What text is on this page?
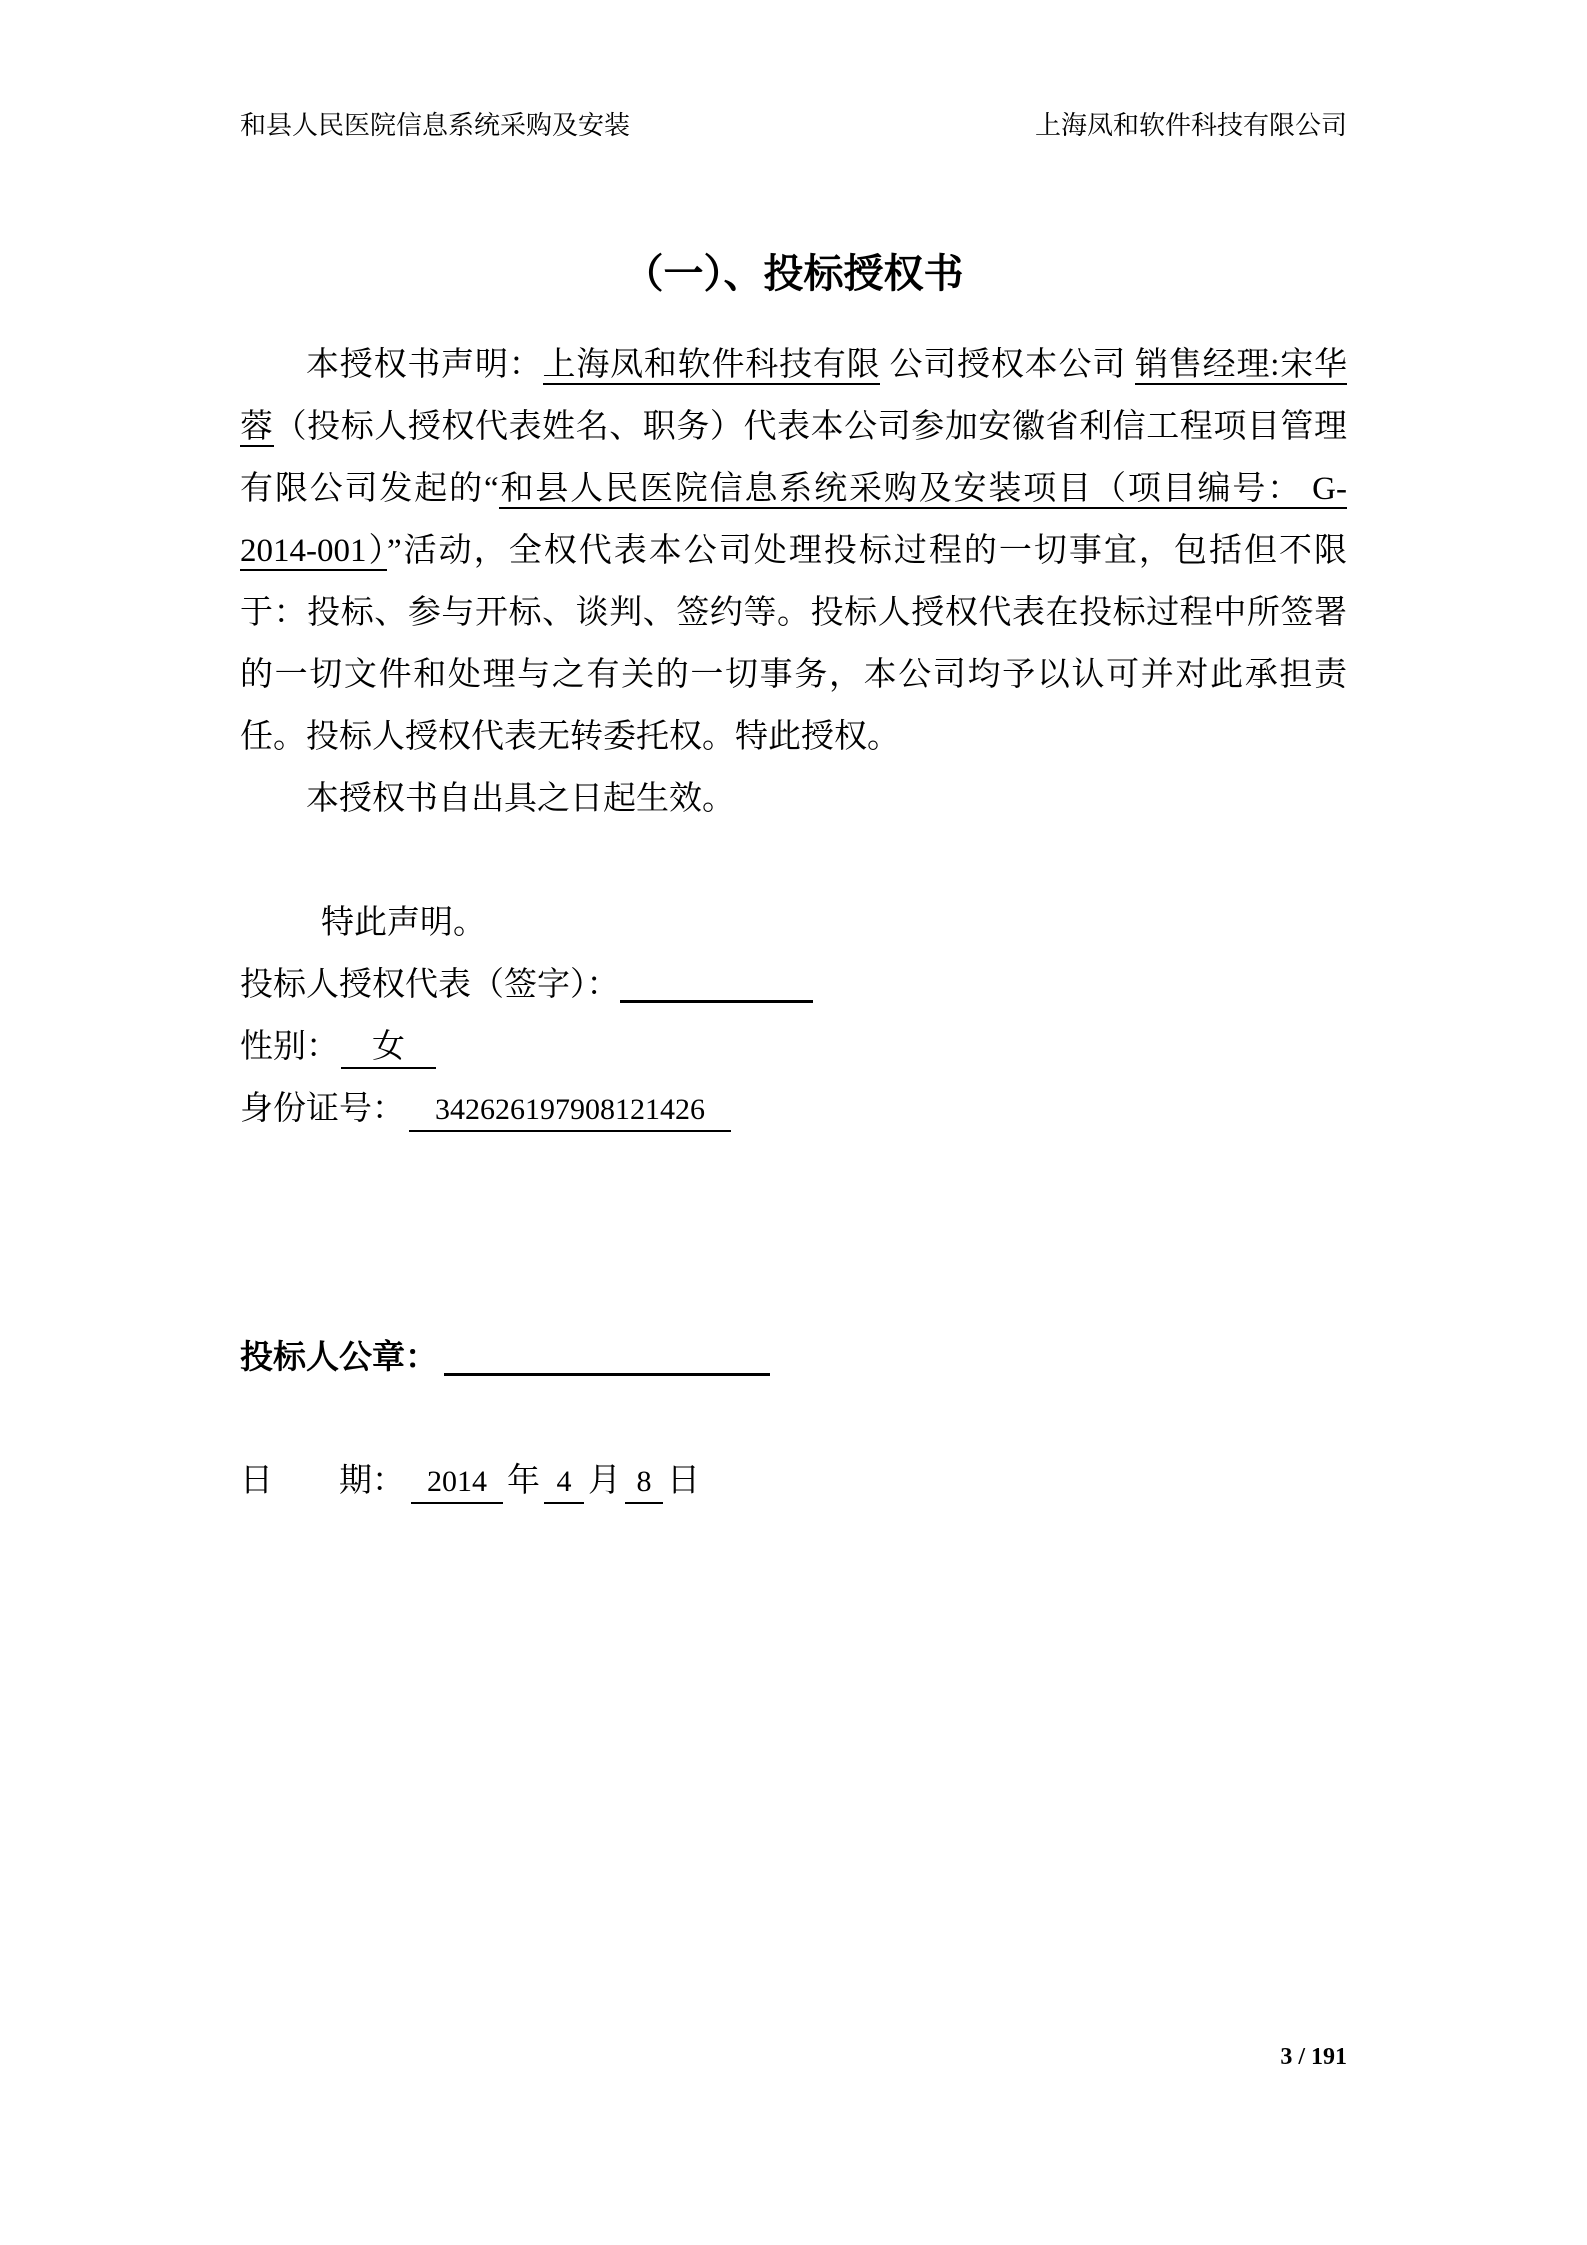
和县人民医院信息系统采购及安装	上海凤和软件科技有限公司
（一）、投标授权书

本授权书声明：上海凤和软件科技有限 公司授权本公司 销售经理:宋华蓉（投标人授权代表姓名、职务）代表本公司参加安徽省利信工程项目管理有限公司发起的“和县人民医院信息系统采购及安装项目（项目编号： G-2014-001）”活动，全权代表本公司处理投标过程的一切事宜，包括但不限于：投标、参与开标、谈判、签约等。投标人授权代表在投标过程中所签署的一切文件和处理与之有关的一切事务，本公司均予以认可并对此承担责任。投标人授权代表无转委托权。特此授权。

本授权书自出具之日起生效。

特此声明。

投标人授权代表（签字）：

性别： 女

身份证号： 342626197908121426

投标人公章：

日　　期： 2014 年 4 月 8 日

3 / 191
